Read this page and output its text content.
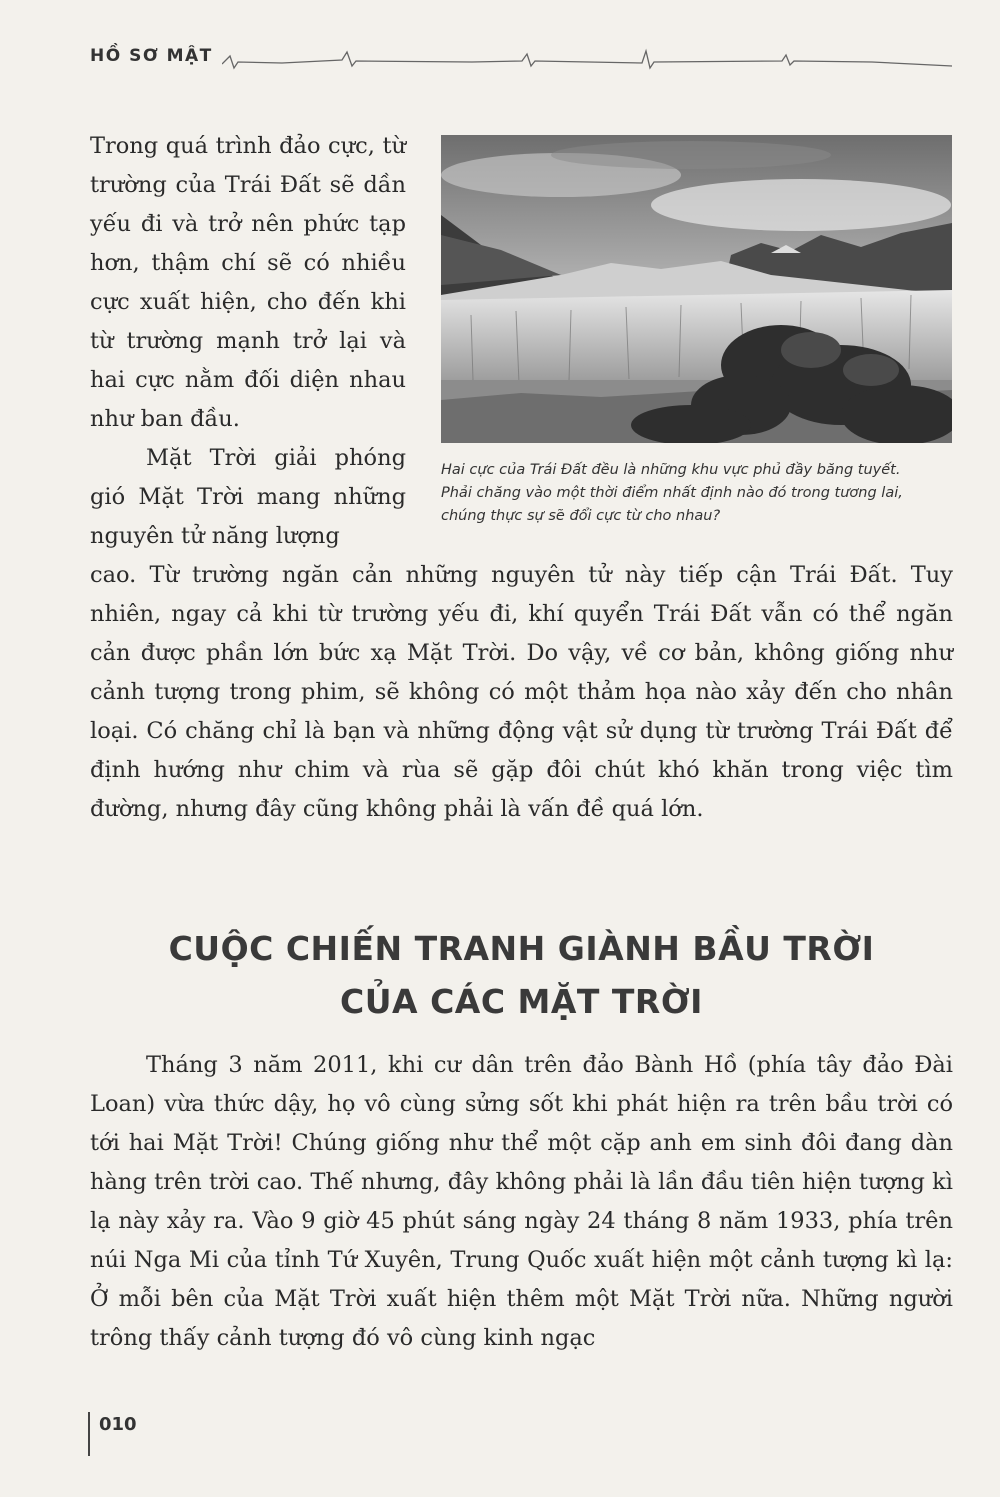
HỒ SƠ MẬT

Trong quá trình đảo cực, từ trường của Trái Đất sẽ dần yếu đi và trở nên phức tạp hơn, thậm chí sẽ có nhiều cực xuất hiện, cho đến khi từ trường mạnh trở lại và hai cực nằm đối diện nhau như ban đầu.

Hai cực của Trái Đất đều là những khu vực phủ đầy băng tuyết.
Phải chăng vào một thời điểm nhất định nào đó trong tương lai,
chúng thực sự sẽ đổi cực từ cho nhau?

Mặt Trời giải phóng gió Mặt Trời mang những nguyên tử năng lượng

cao. Từ trường ngăn cản những nguyên tử này tiếp cận Trái Đất. Tuy nhiên, ngay cả khi từ trường yếu đi, khí quyển Trái Đất vẫn có thể ngăn cản được phần lớn bức xạ Mặt Trời. Do vậy, về cơ bản, không giống như cảnh tượng trong phim, sẽ không có một thảm họa nào xảy đến cho nhân loại. Có chăng chỉ là bạn và những động vật sử dụng từ trường Trái Đất để định hướng như chim và rùa sẽ gặp đôi chút khó khăn trong việc tìm đường, nhưng đây cũng không phải là vấn đề quá lớn.

CUỘC CHIẾN TRANH GIÀNH BẦU TRỜI
CỦA CÁC MẶT TRỜI

Tháng 3 năm 2011, khi cư dân trên đảo Bành Hồ (phía tây đảo Đài Loan) vừa thức dậy, họ vô cùng sửng sốt khi phát hiện ra trên bầu trời có tới hai Mặt Trời! Chúng giống như thể một cặp anh em sinh đôi đang dàn hàng trên trời cao. Thế nhưng, đây không phải là lần đầu tiên hiện tượng kì lạ này xảy ra. Vào 9 giờ 45 phút sáng ngày 24 tháng 8 năm 1933, phía trên núi Nga Mi của tỉnh Tứ Xuyên, Trung Quốc xuất hiện một cảnh tượng kì lạ: Ở mỗi bên của Mặt Trời xuất hiện thêm một Mặt Trời nữa. Những người trông thấy cảnh tượng đó vô cùng kinh ngạc

010
